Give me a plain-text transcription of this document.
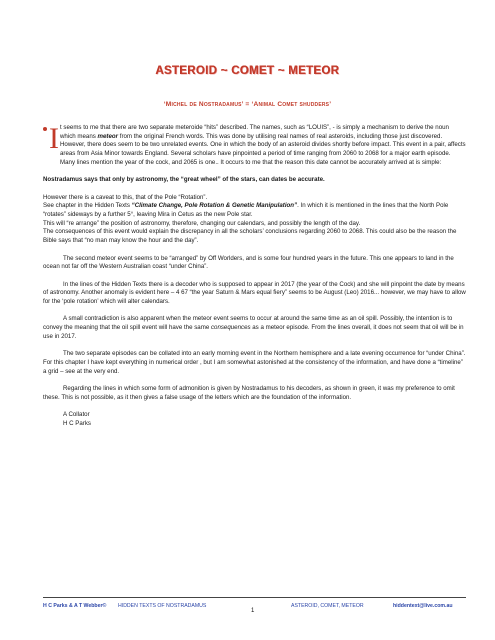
ASTEROID ~ COMET ~ METEOR
‘Michel de Nostradamus’ = ‘Animal Comet shudders’
I t seems to me that there are two separate meteroide “hits” described. The names, such as “LOUIS”, - is simply a mechanism to derive the noun which means meteor from the original French words. This was done by utilising real names of real asteroids, including those just discovered. However, there does seem to be two unrelated events. One in which the body of an asteroid divides shortly before impact. This event in a pair, affects areas from Asia Minor towards England. Several scholars have pinpointed a period of time ranging from 2060 to 2068 for a major earth episode. Many lines mention the year of the cock, and 2065 is one.. It occurs to me that the reason this date cannot be accurately arrived at is simple:

Nostradamus says that only by astronomy, the “great wheel” of the stars, can dates be accurate.

However there is a caveat to this, that of the Pole “Rotation”.

See chapter in the Hidden Texts “Climate Change, Pole Rotation & Genetic Manipulation”. In which it is mentioned in the lines that the North Pole “rotates” sideways by a further 5°, leaving Mira in Cetus as the new Pole star.

This will “re arrange” the position of astronomy, therefore, changing our calendars, and possibly the length of the day.

The consequences of this event would explain the discrepancy in all the scholars’ conclusions regarding 2060 to 2068. This could also be the reason the Bible says that “no man may know the hour and the day”.

The second meteor event seems to be “arranged” by Off Worlders, and is some four hundred years in the future. This one appears to land in the ocean not far off the Western Australian coast “under China”.

In the lines of the Hidden Texts there is a decoder who is supposed to appear in 2017 (the year of the Cock) and she will pinpoint the date by means of astronomy. Another anomaly is evident here – 4 67 “the year Saturn & Mars equal fiery” seems to be August (Leo) 2016... however, we may have to allow for the ‘pole rotation’ which will alter calendars.

A small contradiction is also apparent when the meteor event seems to occur at around the same time as an oil spill. Possibly, the intention is to convey the meaning that the oil spill event will have the same consequences as a meteor episode. From the lines overall, it does not seem that oil will be in use in 2017.

The two separate episodes can be collated into an early morning event in the Northern hemisphere and a late evening occurrence for “under China”. For this chapter I have kept everything in numerical order , but I am somewhat astonished at the consistency of the information, and have done a “timeline” a grid – see at the very end.

Regarding the lines in which some form of admonition is given by Nostradamus to his decoders, as shown in green, it was my preference to omit these. This is not possible, as it then gives a false usage of the letters which are the foundation of the information.

A Collator

H C Parks

H C Parks & A T Webber© HIDDEN TEXTS OF NOSTRADAMUS
1
ASTEROID, COMET, METEOR	hiddentext@live.com.au
